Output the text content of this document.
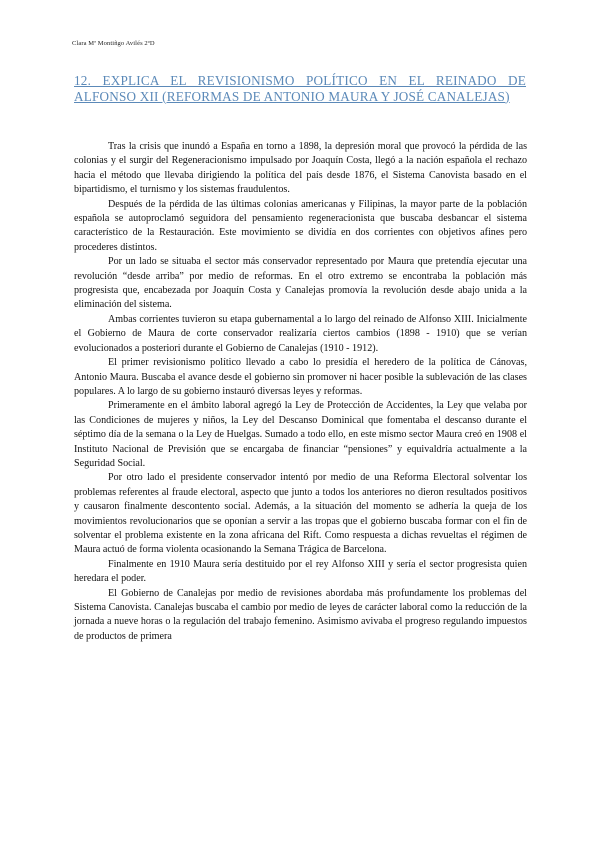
Clara Mª Montiñgo Avilés 2ºD
12. EXPLICA EL REVISIONISMO POLÍTICO EN EL REINADO DE ALFONSO XII (REFORMAS DE ANTONIO MAURA Y JOSÉ CANALEJAS)

Tras la crisis que inundó a España en torno a 1898, la depresión moral que provocó la pérdida de las colonias y el surgir del Regeneracionismo impulsado por Joaquín Costa, llegó a la nación española el rechazo hacia el método que llevaba dirigiendo la política del país desde 1876, el Sistema Canovista basado en el bipartidismo, el turnismo y los sistemas fraudulentos.

Después de la pérdida de las últimas colonias americanas y Filipinas, la mayor parte de la población española se autoproclamó seguidora del pensamiento regeneracionista que buscaba desbancar el sistema característico de la Restauración. Este movimiento se dividía en dos corrientes con objetivos afines pero procederes distintos.

Por un lado se situaba el sector más conservador representado por Maura que pretendía ejecutar una revolución “desde arriba” por medio de reformas. En el otro extremo se encontraba la población más progresista que, encabezada por Joaquín Costa y Canalejas promovía la revolución desde abajo unida a la eliminación del sistema.

Ambas corrientes tuvieron su etapa gubernamental a lo largo del reinado de Alfonso XIII. Inicialmente el Gobierno de Maura de corte conservador realizaría ciertos cambios (1898 - 1910) que se verían evolucionados a posteriori durante el Gobierno de Canalejas (1910 - 1912).

El primer revisionismo político llevado a cabo lo presidía el heredero de la política de Cánovas, Antonio Maura. Buscaba el avance desde el gobierno sin promover ni hacer posible la sublevación de las clases populares. A lo largo de su gobierno instauró diversas leyes y reformas.

Primeramente en el ámbito laboral agregó la Ley de Protección de Accidentes, la Ley que velaba por las Condiciones de mujeres y niños, la Ley del Descanso Dominical que fomentaba el descanso durante el séptimo día de la semana o la Ley de Huelgas. Sumado a todo ello, en este mismo sector Maura creó en 1908 el Instituto Nacional de Previsión que se encargaba de financiar “pensiones” y equivaldría actualmente a la Seguridad Social.

Por otro lado el presidente conservador intentó por medio de una Reforma Electoral solventar los problemas referentes al fraude electoral, aspecto que junto a todos los anteriores no dieron resultados positivos y causaron finalmente descontento social. Además, a la situación del momento se adhería la queja de los movimientos revolucionarios que se oponían a servir a las tropas que el gobierno buscaba formar con el fin de solventar el problema existente en la zona africana del Rift. Como respuesta a dichas revueltas el régimen de Maura actuó de forma violenta ocasionando la Semana Trágica de Barcelona.

Finalmente en 1910 Maura sería destituido por el rey Alfonso XIII y sería el sector progresista quien heredara el poder.

El Gobierno de Canalejas por medio de revisiones abordaba más profundamente los problemas del Sistema Canovista. Canalejas buscaba el cambio por medio de leyes de carácter laboral como la reducción de la jornada a nueve horas o la regulación del trabajo femenino. Asimismo avivaba el progreso regulando impuestos de productos de primera
